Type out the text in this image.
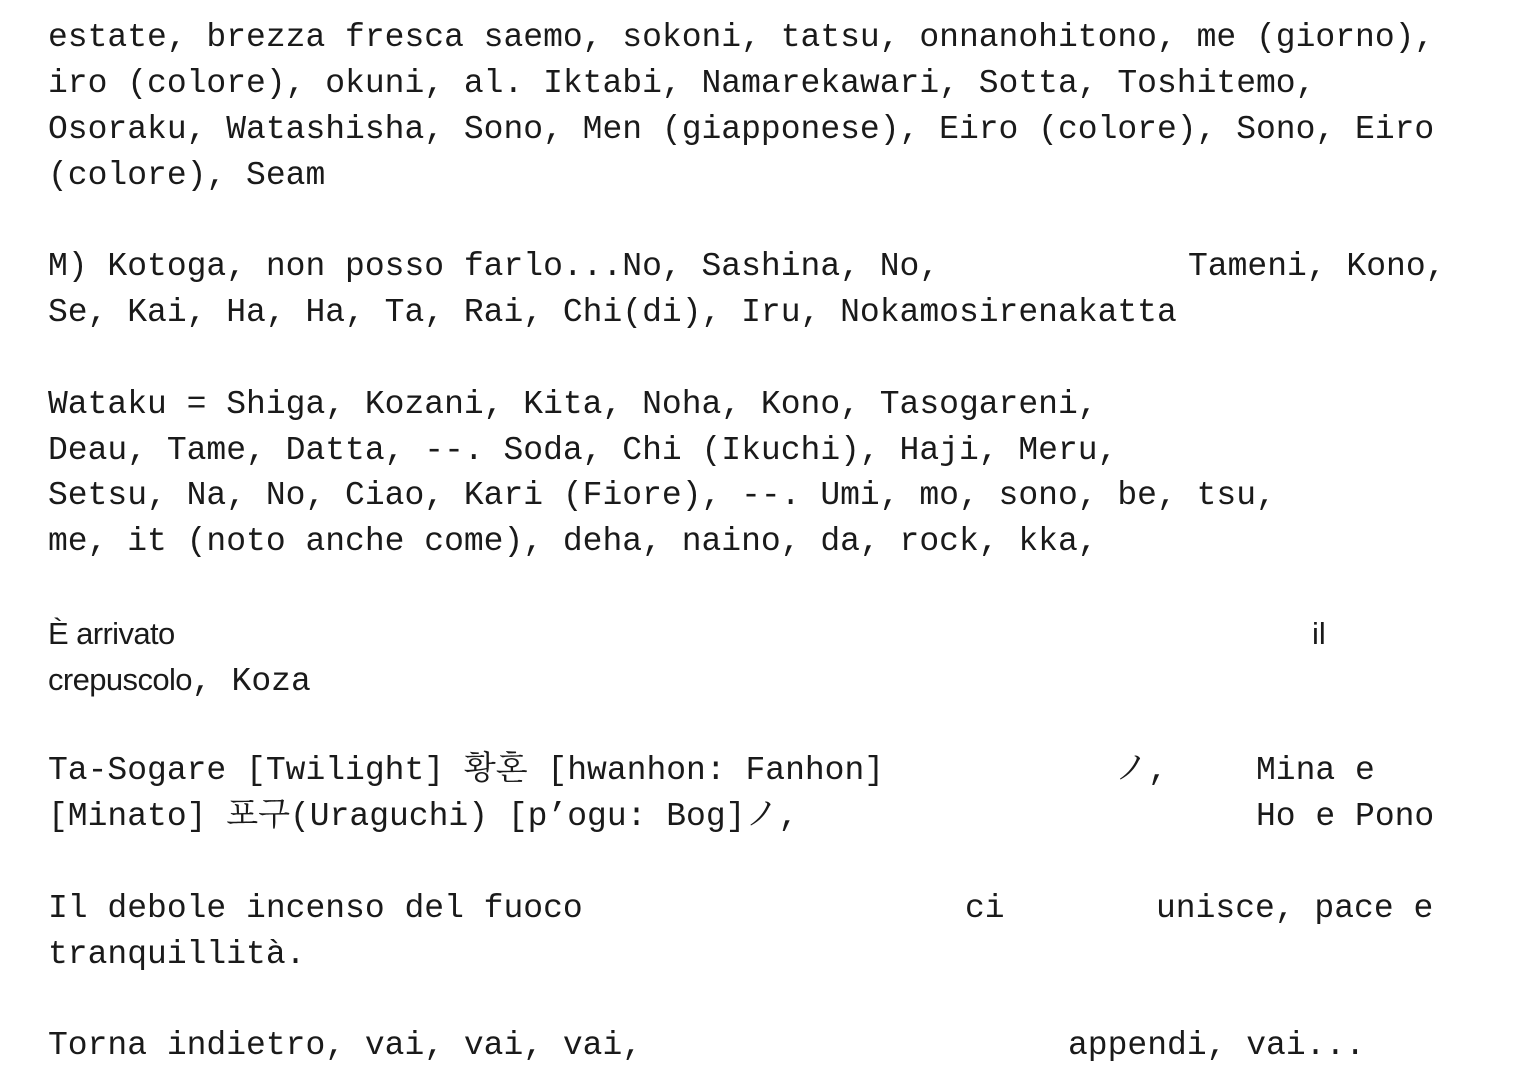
estate, brezza fresca saemo, sokoni, tatsu, onnanohitono, me (giorno),
iro (colore), okuni, al. Iktabi, Namarekawari, Sotta, Toshitemo,
Osoraku, Watashisha, Sono, Men (giapponese), Eiro (colore), Sono, Eiro
(colore), Seam
M) Kotoga, non posso farlo...No, Sashina, No,	Tameni, Kono,
Se, Kai, Ha, Ha, Ta, Rai, Chi(di), Iru, Nokamosirenakatta
Wataku = Shiga, Kozani, Kita, Noha, Kono, Tasogareni,
Deau, Tame, Datta, --. Soda, Chi (Ikuchi), Haji, Meru,
Setsu, Na, No, Ciao, Kari (Fiore), --. Umi, mo, sono, be, tsu,
me, it (noto anche come), deha, naino, da, rock, kka,
È arrivato	il
crepuscolo, Koza
Ta-Sogare [Twilight] 황혼 [hwanhon: Fanhon]	ノ,	Mina e
[Minato] 포구(Uraguchi) [p’ogu: Bog]ノ,	Ho e Pono
Il debole incenso del fuoco	ci	unisce, pace e
tranquillità.
Torna indietro, vai, vai, vai,	appendi, vai...
